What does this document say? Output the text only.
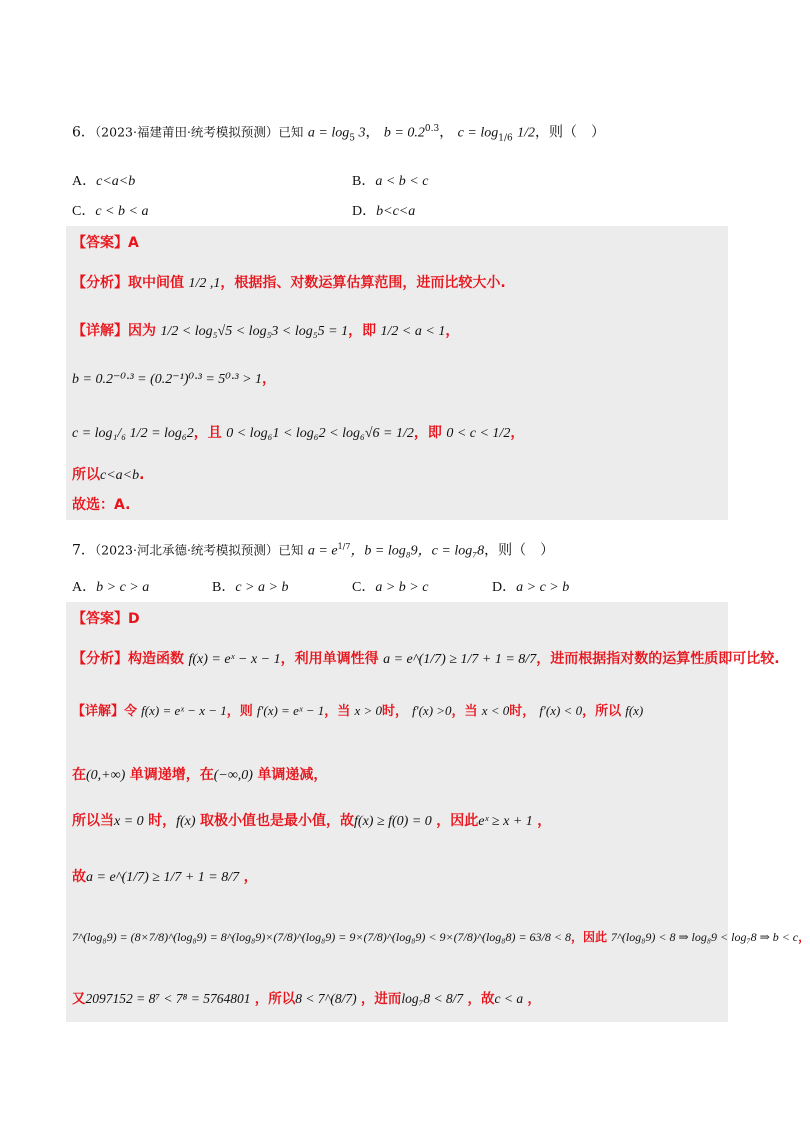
6．（2023·福建莆田·统考模拟预测）已知 $a = \log_5 3$， $b = 0.2^{0.3}$， $c = \log_{1/6} 1/2$，则（　）
A．c<a<b	B．a < b < c
C．c < b < a	D．b<c<a
【答案】A
【分析】取中间值 1/2 ,1，根据指、对数运算估算范围，进而比较大小.
【详解】因为 1/2 < log₅√5 < log₅3 < log₅5 = 1，即 1/2 < a < 1，
b = 0.2⁻⁰·³ = (0.2⁻¹)⁰·³ = 5⁰·³ > 1，
c = log₁/₆ 1/2 = log₆2，且 0 < log₆1 < log₆2 < log₆√6 = 1/2，即 0 < c < 1/2，
所以c<a<b.
故选：A.
7．（2023·河北承德·统考模拟预测）已知 $a = e^{1/7}$，b = log₈9，c = log₇8，则（　）
A．b > c > a	B．c > a > b	C．a > b > c	D．a > c > b
【答案】D
【分析】构造函数 f(x) = eˣ − x − 1，利用单调性得 a = e^(1/7) ≥ 1/7 + 1 = 8/7，进而根据指对数的运算性质即可比较.
【详解】令 f(x) = eˣ − x − 1，则 f′(x) = eˣ − 1，当 x > 0时， f′(x) >0，当 x < 0时， f′(x) < 0，所以 f(x)
在(0,+∞) 单调递增，在(−∞,0) 单调递减，
所以当x = 0 时，f(x) 取极小值也是最小值，故f(x) ≥ f(0) = 0 ，因此eˣ ≥ x + 1 ，
故a = e^(1/7) ≥ 1/7 + 1 = 8/7 ，
7^(log₈9) = (8×7/8)^(log₈9) = 8^(log₈9)×(7/8)^(log₈9) = 9×(7/8)^(log₈9) < 9×(7/8)^(log₈8) = 63/8 < 8，因此 7^(log₈9) < 8 ⇒ log₈9 < log₇8 ⇒ b < c，
又2097152 = 8⁷ < 7⁸ = 5764801 ，所以8 < 7^(8/7) ，进而log₇8 < 8/7 ，故c < a ，
